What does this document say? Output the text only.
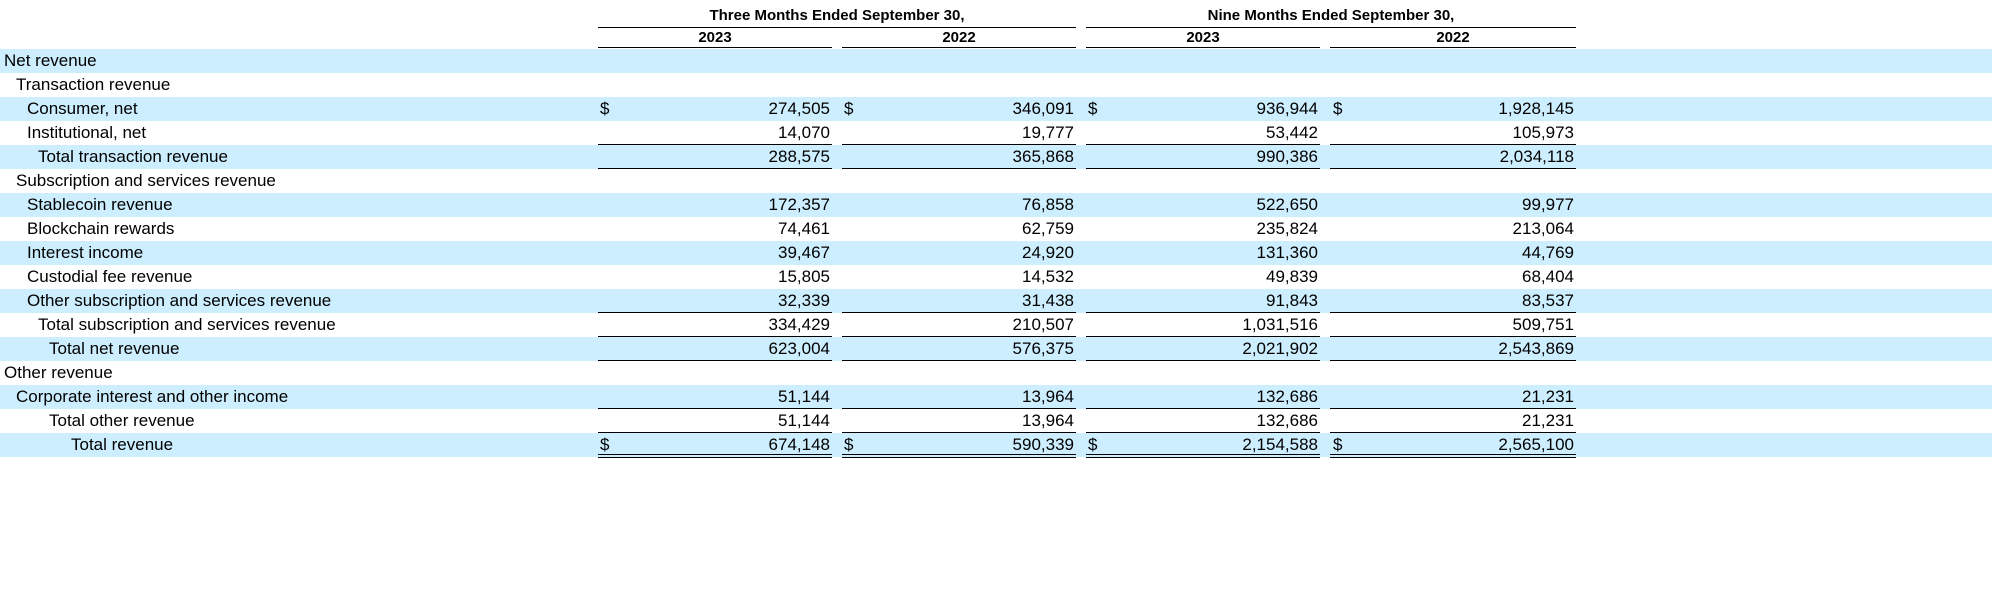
Three Months Ended September 30,	Nine Months Ended September 30,
2023	2022	2023	2022
Net revenue
Transaction revenue
Consumer, net	$	274,505 $	346,091 $	936,944 $	1,928,145
Institutional, net	14,070	19,777	53,442	105,973
Total transaction revenue	288,575	365,868	990,386	2,034,118
Subscription and services revenue
Stablecoin revenue	172,357	76,858	522,650	99,977
Blockchain rewards	74,461	62,759	235,824	213,064
Interest income	39,467	24,920	131,360	44,769
Custodial fee revenue	15,805	14,532	49,839	68,404
Other subscription and services revenue	32,339	31,438	91,843	83,537
Total subscription and services revenue	334,429	210,507	1,031,516	509,751
Total net revenue	623,004	576,375	2,021,902	2,543,869
Other revenue
Corporate interest and other income	51,144	13,964	132,686	21,231
Total other revenue	51,144	13,964	132,686	21,231
Total revenue	$	674,148 $	590,339 $	2,154,588 $	2,565,100
